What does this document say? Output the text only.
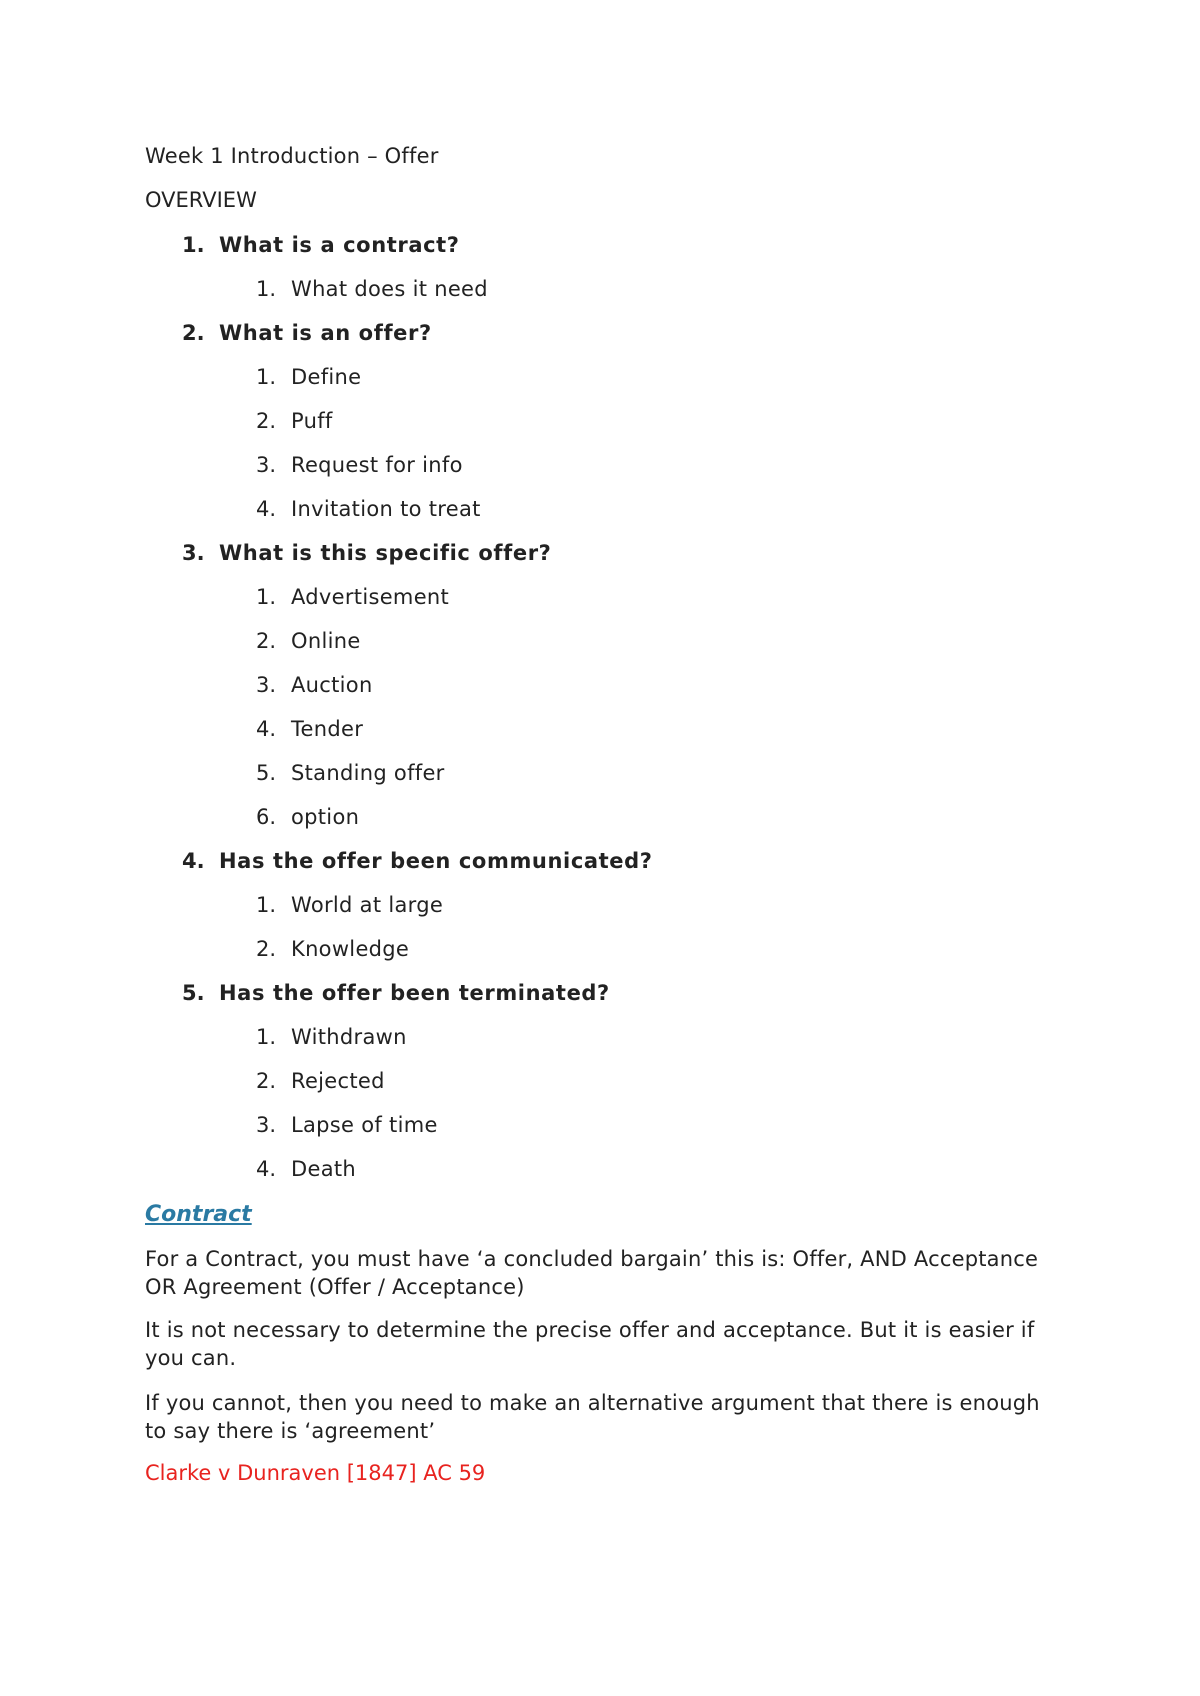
Week 1 Introduction – Offer
OVERVIEW
1. What is a contract?
1. What does it need
2. What is an offer?
1. Define
2. Puff
3. Request for info
4. Invitation to treat
3. What is this specific offer?
1. Advertisement
2. Online
3. Auction
4. Tender
5. Standing offer
6. option
4. Has the offer been communicated?
1. World at large
2. Knowledge
5. Has the offer been terminated?
1. Withdrawn
2. Rejected
3. Lapse of time
4. Death
Contract
For a Contract, you must have ‘a concluded bargain’ this is: Offer, AND Acceptance OR Agreement (Offer / Acceptance)
It is not necessary to determine the precise offer and acceptance. But it is easier if you can.
If you cannot, then you need to make an alternative argument that there is enough to say there is ‘agreement’
Clarke v Dunraven [1847] AC 59
